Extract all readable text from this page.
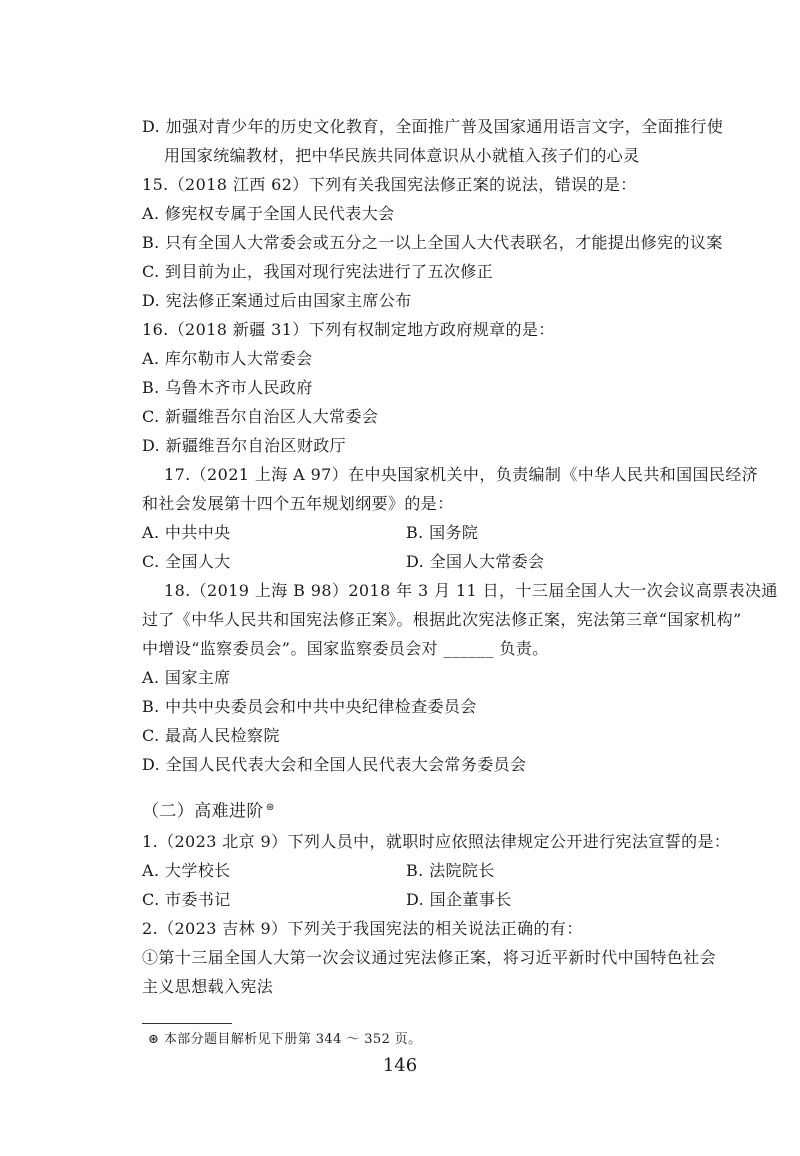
D. 加强对青少年的历史文化教育，全面推广普及国家通用语言文字，全面推行使
用国家统编教材，把中华民族共同体意识从小就植入孩子们的心灵
15.（2018 江西 62）下列有关我国宪法修正案的说法，错误的是：
A. 修宪权专属于全国人民代表大会
B. 只有全国人大常委会或五分之一以上全国人大代表联名，才能提出修宪的议案
C. 到目前为止，我国对现行宪法进行了五次修正
D. 宪法修正案通过后由国家主席公布
16.（2018 新疆 31）下列有权制定地方政府规章的是：
A. 库尔勒市人大常委会
B. 乌鲁木齐市人民政府
C. 新疆维吾尔自治区人大常委会
D. 新疆维吾尔自治区财政厅
17.（2021 上海 A 97）在中央国家机关中，负责编制《中华人民共和国国民经济
和社会发展第十四个五年规划纲要》的是：
A. 中共中央	B. 国务院
C. 全国人大	D. 全国人大常委会
18.（2019 上海 B 98）2018 年 3 月 11 日，十三届全国人大一次会议高票表决通
过了《中华人民共和国宪法修正案》。根据此次宪法修正案，宪法第三章“国家机构”
中增设“监察委员会”。国家监察委员会对 ______ 负责。
A. 国家主席
B. 中共中央委员会和中共中央纪律检查委员会
C. 最高人民检察院
D. 全国人民代表大会和全国人民代表大会常务委员会
（二）高难进阶 ⊛
1.（2023 北京 9）下列人员中，就职时应依照法律规定公开进行宪法宣誓的是：
A. 大学校长	B. 法院院长
C. 市委书记	D. 国企董事长
2.（2023 吉林 9）下列关于我国宪法的相关说法正确的有：
①第十三届全国人大第一次会议通过宪法修正案，将习近平新时代中国特色社会
主义思想载入宪法
⊛ 本部分题目解析见下册第 344 ～ 352 页。
146
